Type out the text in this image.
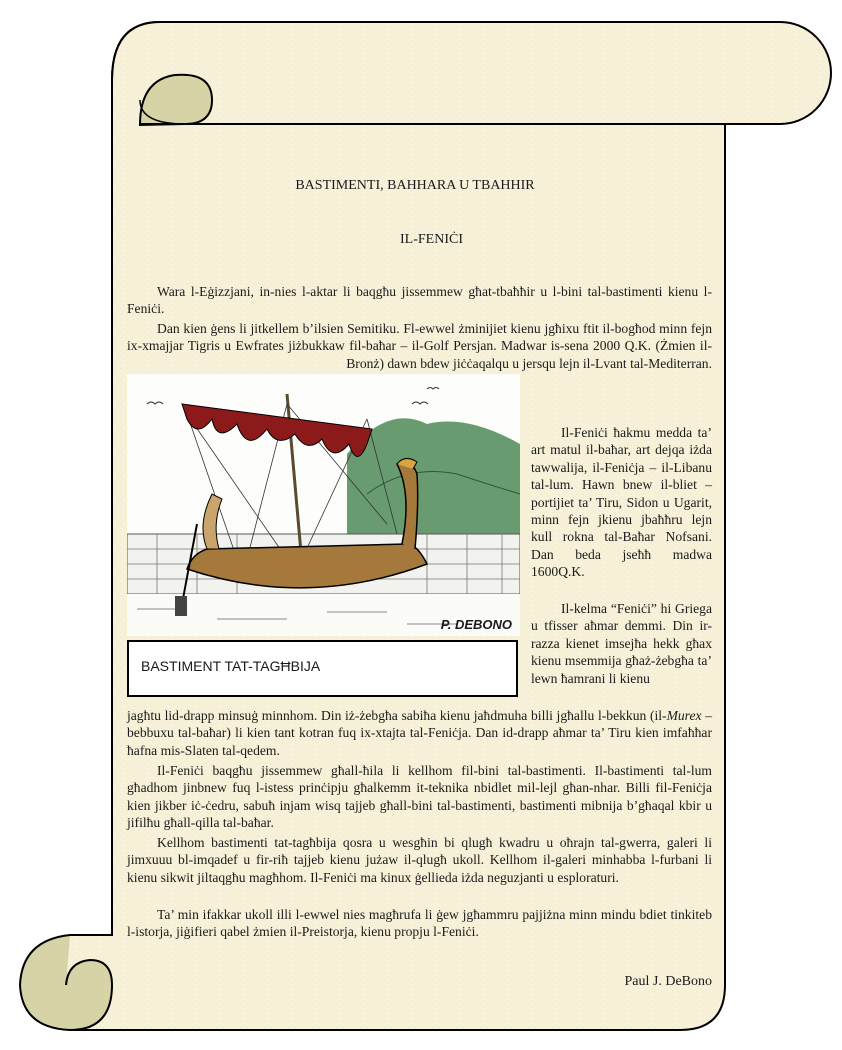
BASTIMENTI, BAHHARA U TBAHHIR
IL-FENIĊI

Wara l-Eġizzjani, in-nies l-aktar li baqgħu jissemmew għat-tbaħħir u l-bini tal-bastimenti kienu l-Feniċi.

Dan kien ġens li jitkellem b’ilsien Semitiku. Fl-ewwel żminijiet kienu jgħixu ftit il-bogħod minn fejn ix-xmajjar Tigris u Ewfrates jiżbukkaw fil-baħar – il-Golf Persjan. Madwar is-sena 2000 Q.K. (Żmien il-Bronż) dawn bdew jiċċaqalqu u jersqu lejn il-Lvant tal-Mediterran.

P. DEBONO
BASTIMENT TAT-TAGĦBIJA

Il-Feniċi ħakmu medda ta’ art matul il-baħar, art dejqa iżda tawwalija, il-Feniċja – il-Libanu tal-lum. Hawn bnew il-bliet – portijiet ta’ Tiru, Sidon u Ugarit, minn fejn jkienu jbaħħru lejn kull rokna tal-Baħar Nofsani. Dan beda jseħħ madwa 1600Q.K.

Il-kelma “Feniċi” hi Griega u tfisser aħmar demmi. Din ir-razza kienet imsejħa hekk għax kienu msemmija għaż-żebgħa ta’ lewn ħamrani li kienu

jagħtu lid-drapp minsuġ minnhom. Din iż-żebgħa sabiħa kienu jaħdmuha billi jgħallu l-bekkun (il-Murex – bebbuxu tal-baħar) li kien tant kotran fuq ix-xtajta tal-Feniċja. Dan id-drapp aħmar ta’ Tiru kien imfaħħar ħafna mis-Slaten tal-qedem.

Il-Feniċi baqgħu jissemmew għall-ħila li kellhom fil-bini tal-bastimenti. Il-bastimenti tal-lum għadhom jinbnew fuq l-istess prinċipju għalkemm it-teknika nbidlet mil-lejl għan-nhar. Billi fil-Feniċja kien jikber iċ-ċedru, sabuħ injam wisq tajjeb għall-bini tal-bastimenti, bastimenti mibnija b’għaqal kbir u jifilħu għall-qilla tal-baħar.

Kellhom bastimenti tat-tagħbija qosra u wesgħin bi qlugħ kwadru u oħrajn tal-gwerra, galeri li jimxuuu bl-imqadef u fir-riħ tajjeb kienu jużaw il-qlugħ ukoll. Kellhom il-galeri minhabba l-furbani li kienu sikwit jiltaqgħu magħhom. Il-Feniċi ma kinux ġellieda iżda neguzjanti u esploraturi.

Ta’ min ifakkar ukoll illi l-ewwel nies magħrufa li ġew jgħammru pajjiżna minn mindu bdiet tinkiteb l-istorja, jiġifieri qabel żmien il-Preistorja, kienu propju l-Feniċi.

Paul J. DeBono
